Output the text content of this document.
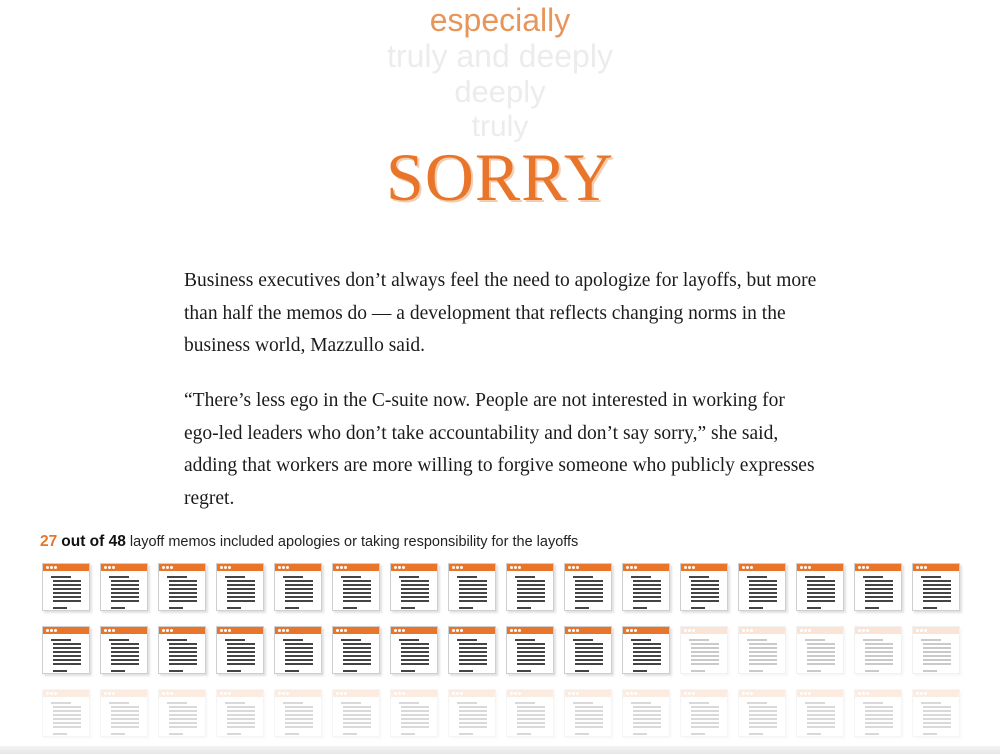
especially
truly and deeply
deeply
truly
SORRY

Business executives don’t always feel the need to apologize for layoffs, but more than half the memos do — a development that reflects changing norms in the business world, Mazzullo said.

“There’s less ego in the C-suite now. People are not interested in working for ego-led leaders who don’t take accountability and don’t say sorry,” she said, adding that workers are more willing to forgive someone who publicly expresses regret.

27 out of 48 layoff memos included apologies or taking responsibility for the layoffs
